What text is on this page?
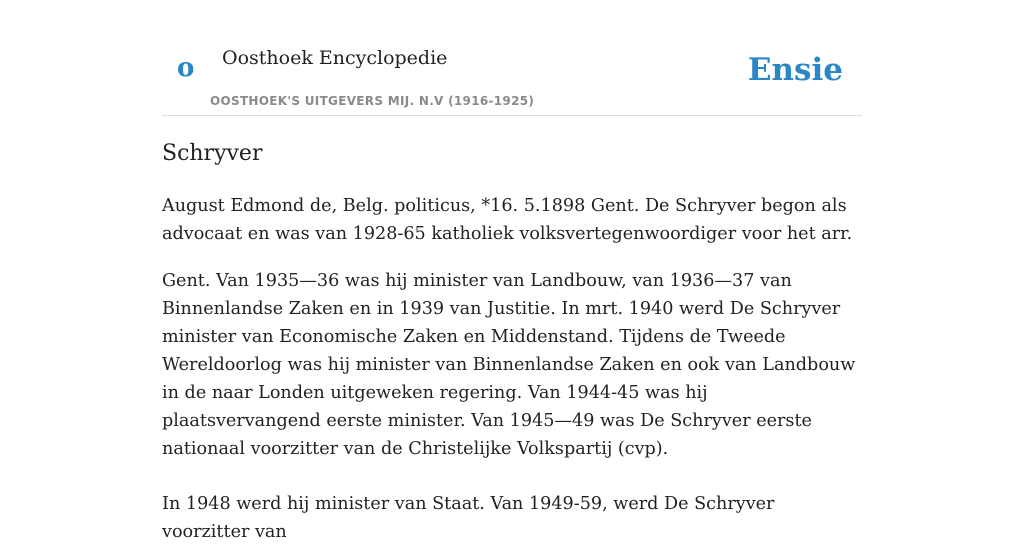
o Oosthoek Encyclopedie
OOSTHOEK'S UITGEVERS MIJ. N.V (1916-1925)
Ensie
Schryver

August Edmond de, Belg. politicus, *16. 5.1898 Gent. De Schryver begon als advocaat en was van 1928-65 katholiek volksvertegenwoordiger voor het arr.

Gent. Van 1935—36 was hij minister van Landbouw, van 1936—37 van Binnenlandse Zaken en in 1939 van Justitie. In mrt. 1940 werd De Schryver minister van Economische Zaken en Middenstand. Tijdens de Tweede Wereldoorlog was hij minister van Binnenlandse Zaken en ook van Landbouw in de naar Londen uitgeweken regering. Van 1944-45 was hij plaatsvervangend eerste minister. Van 1945—49 was De Schryver eerste nationaal voorzitter van de Christelijke Volkspartij (cvp).

In 1948 werd hij minister van Staat. Van 1949-59, werd De Schryver voorzitter van
